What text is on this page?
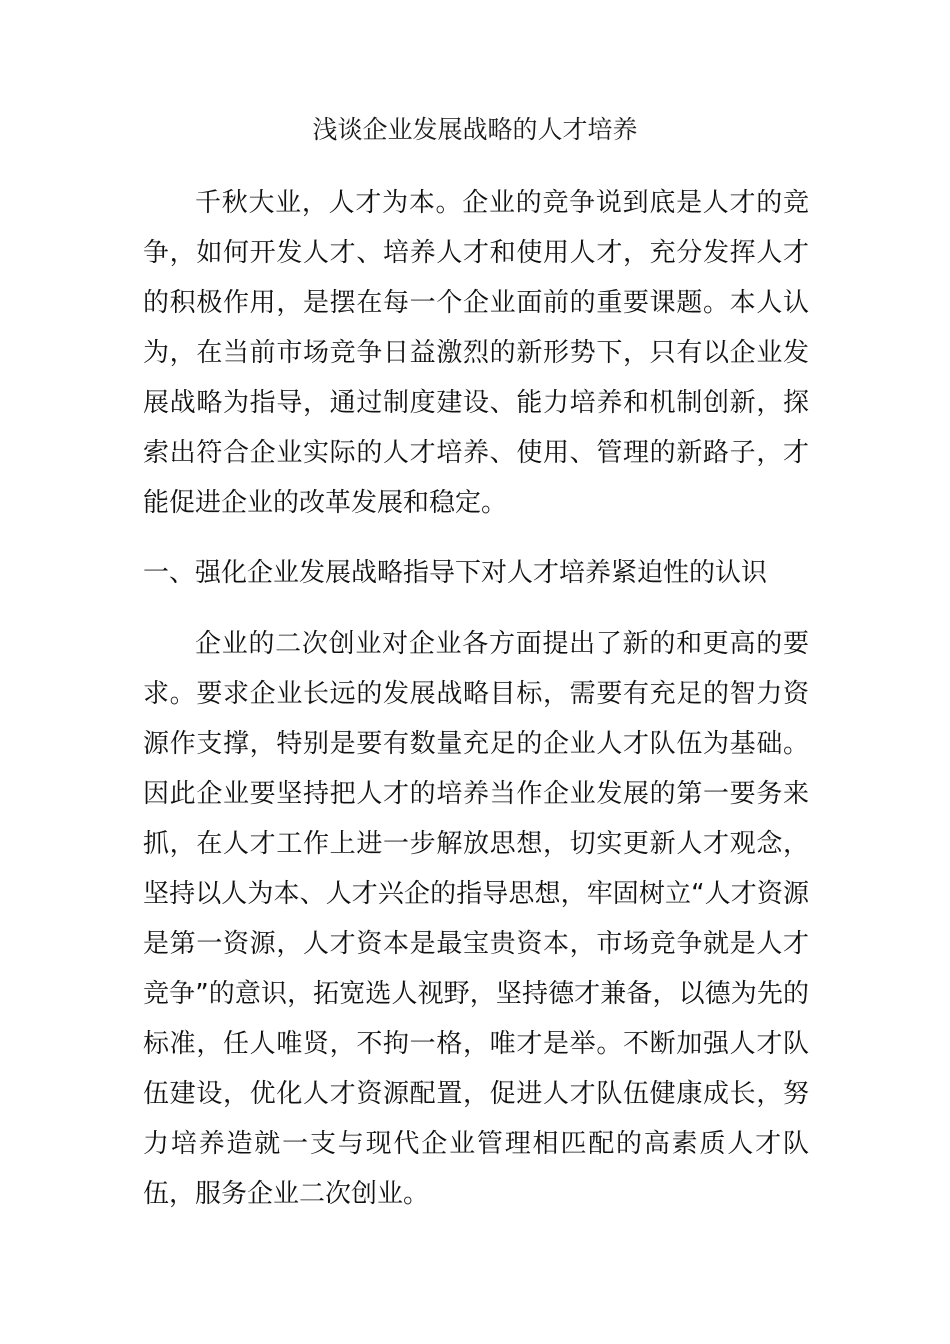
浅谈企业发展战略的人才培养

千秋大业，人才为本。企业的竞争说到底是人才的竞争，如何开发人才、培养人才和使用人才，充分发挥人才的积极作用，是摆在每一个企业面前的重要课题。本人认为，在当前市场竞争日益激烈的新形势下，只有以企业发展战略为指导，通过制度建设、能力培养和机制创新，探索出符合企业实际的人才培养、使用、管理的新路子，才能促进企业的改革发展和稳定。

一、强化企业发展战略指导下对人才培养紧迫性的认识

企业的二次创业对企业各方面提出了新的和更高的要求。要求企业长远的发展战略目标，需要有充足的智力资源作支撑，特别是要有数量充足的企业人才队伍为基础。因此企业要坚持把人才的培养当作企业发展的第一要务来抓，在人才工作上进一步解放思想，切实更新人才观念，坚持以人为本、人才兴企的指导思想，牢固树立“人才资源是第一资源，人才资本是最宝贵资本，市场竞争就是人才竞争”的意识，拓宽选人视野，坚持德才兼备，以德为先的标准，任人唯贤，不拘一格，唯才是举。不断加强人才队伍建设，优化人才资源配置，促进人才队伍健康成长，努力培养造就一支与现代企业管理相匹配的高素质人才队伍，服务企业二次创业。
